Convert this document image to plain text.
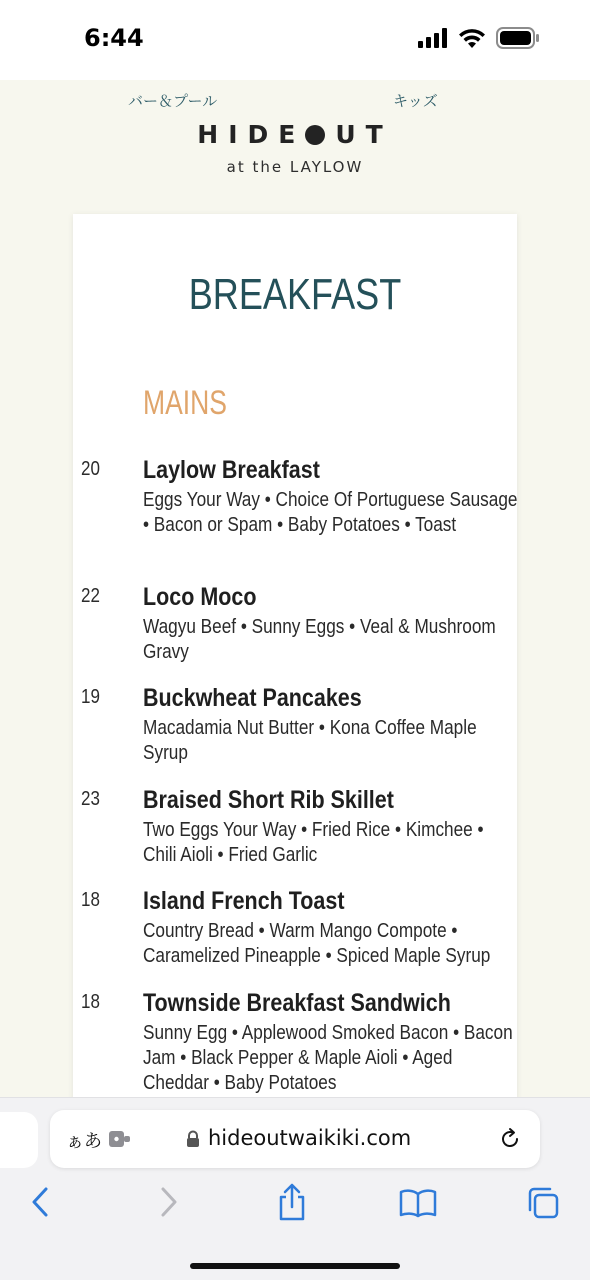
6:44
バー＆プール	キッズ
HIDE UT
at the LAYLOW
BREAKFAST
MAINS
20 Laylow Breakfast
Eggs Your Way • Choice Of Portuguese Sausage • Bacon or Spam • Baby Potatoes • Toast
22 Loco Moco
Wagyu Beef • Sunny Eggs • Veal & Mushroom Gravy
19 Buckwheat Pancakes
Macadamia Nut Butter • Kona Coffee Maple Syrup
23 Braised Short Rib Skillet
Two Eggs Your Way • Fried Rice • Kimchee • Chili Aioli • Fried Garlic
18 Island French Toast
Country Bread • Warm Mango Compote • Caramelized Pineapple • Spiced Maple Syrup
18 Townside Breakfast Sandwich
Sunny Egg • Applewood Smoked Bacon • Bacon Jam • Black Pepper & Maple Aioli • Aged Cheddar • Baby Potatoes
ぁあ	hideoutwaikiki.com
